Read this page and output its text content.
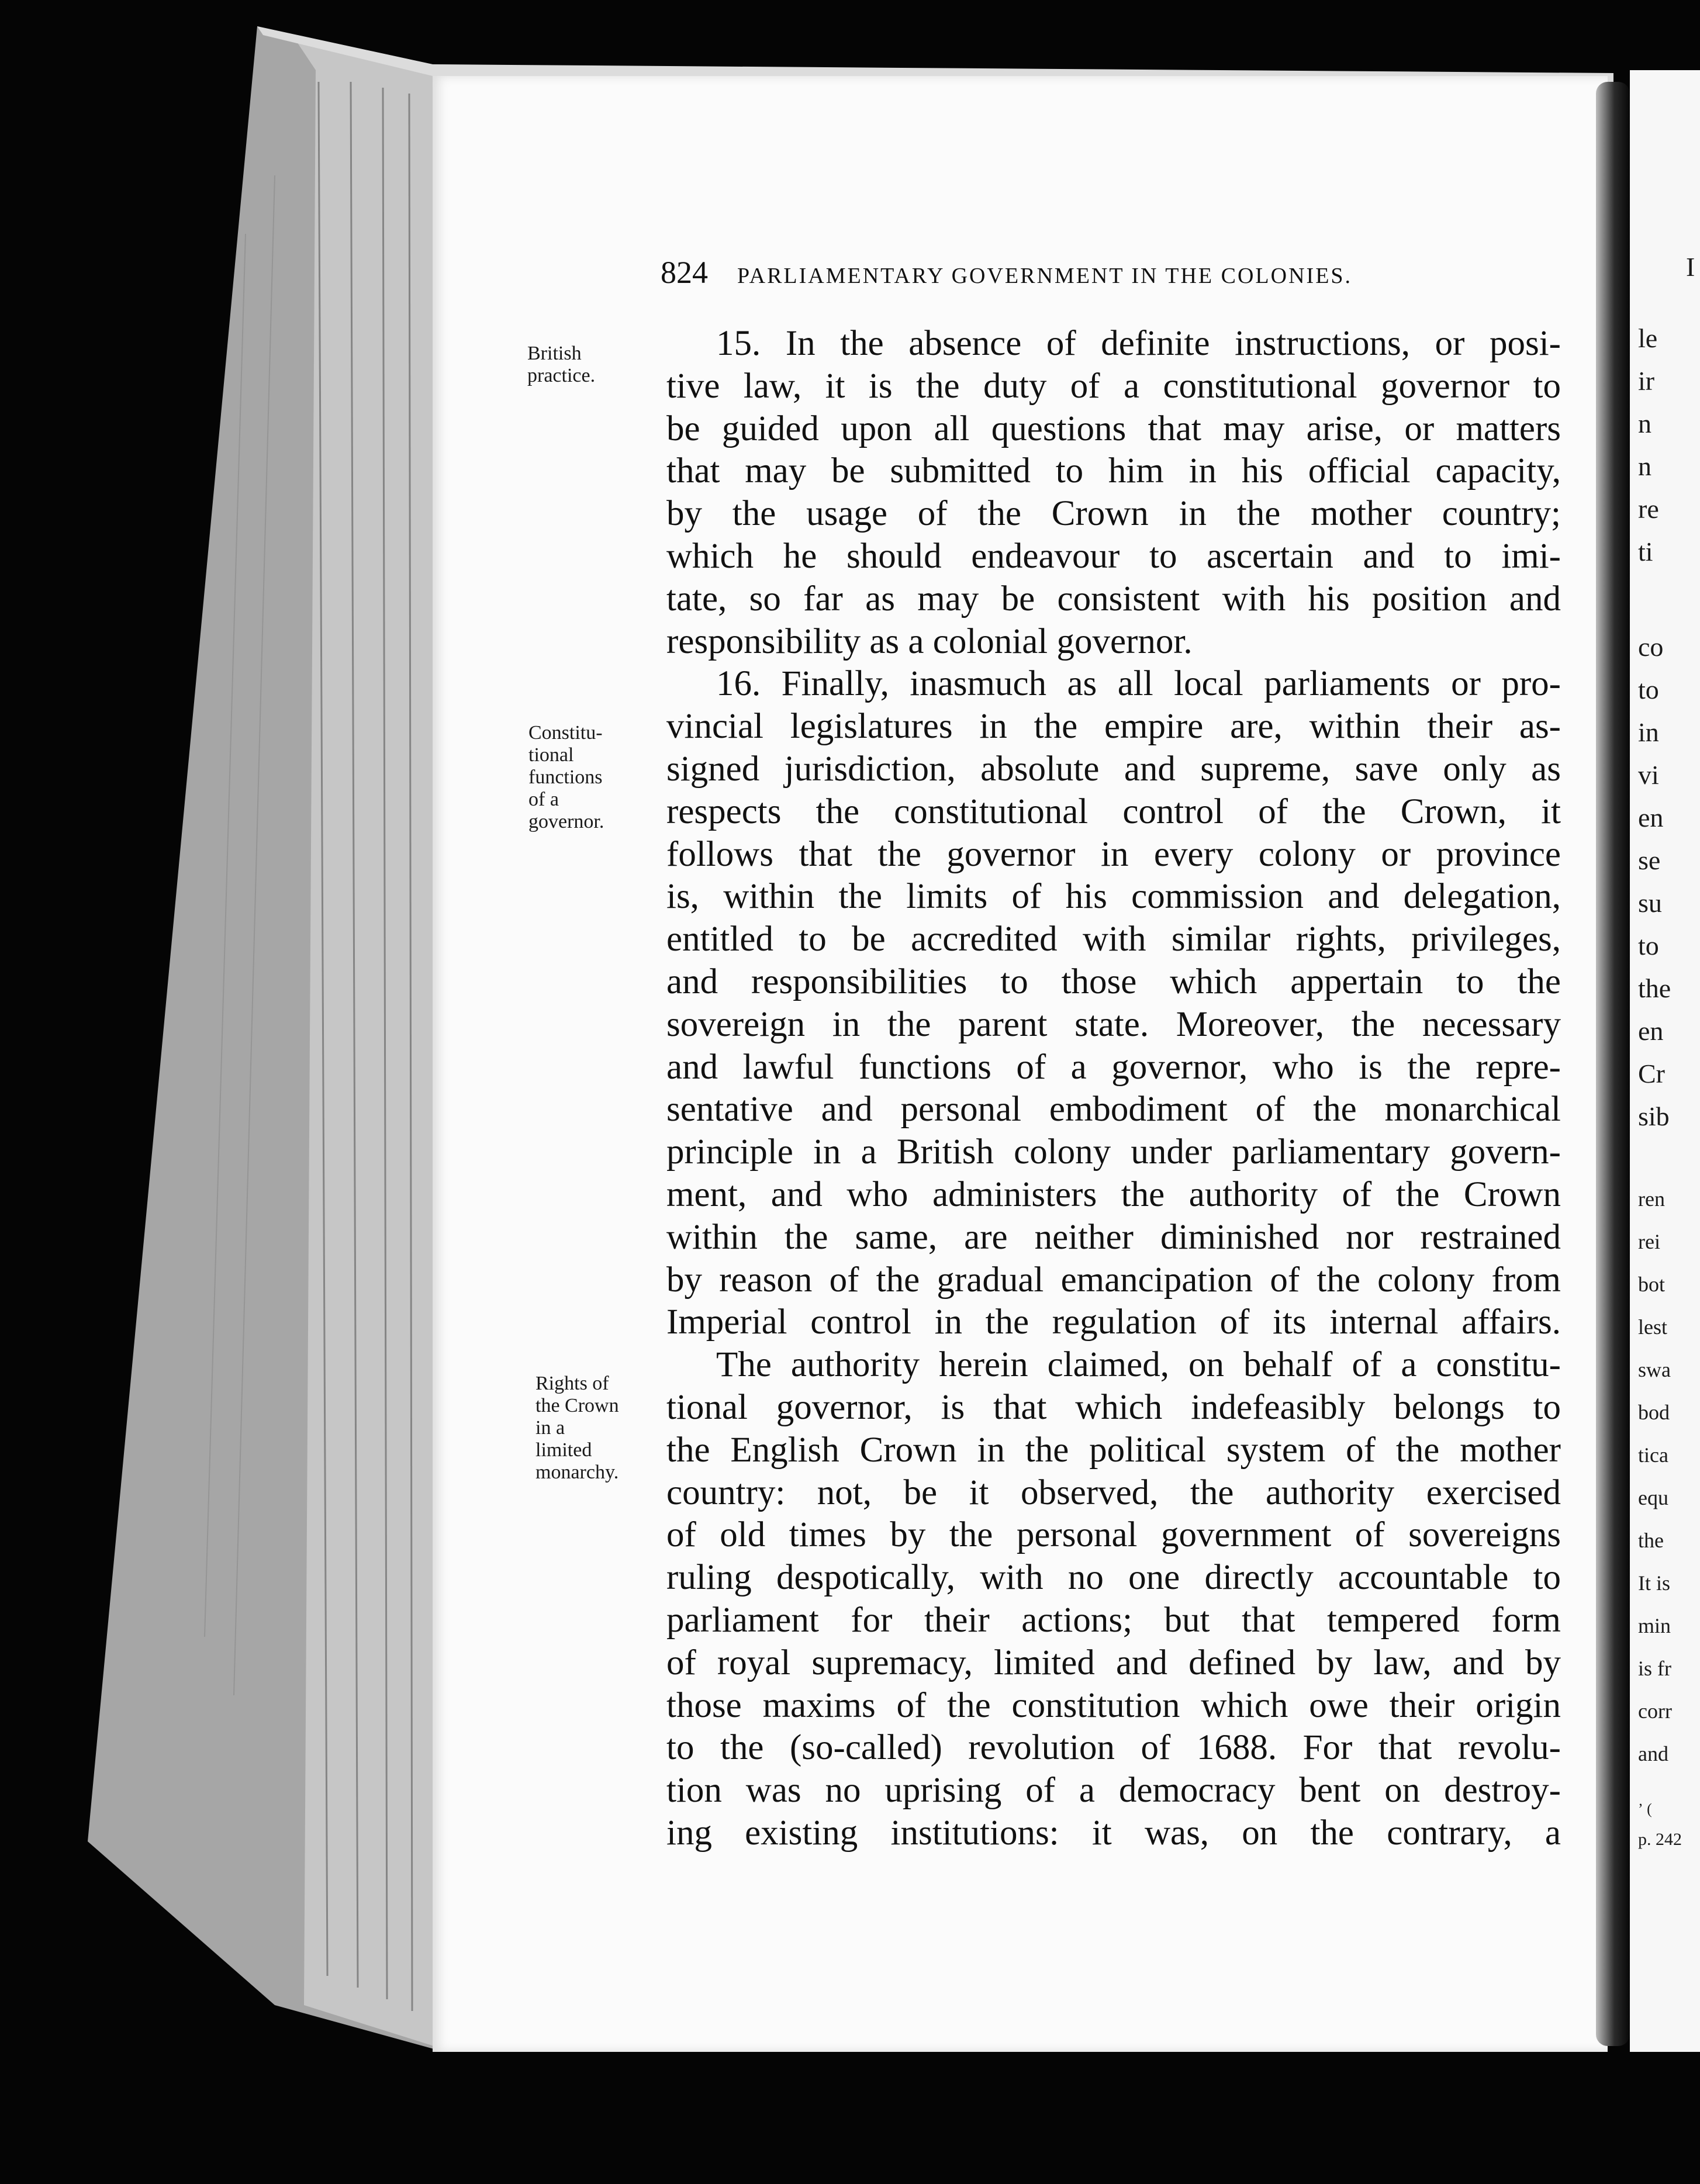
I
le
ir
n
n
re
ti
co
to
in
vi
en
se
su
to
the
en
Cr
sib
ren
rei
bot
lest
swa
bod
tica
equ
the
It is
min
is fr
corr
and
ʼ (
p. 242
824 PARLIAMENTARY GOVERNMENT IN THE COLONIES.
British
practice.
Constitu-
tional
functions
of a
governor.
Rights of
the Crown
in a
limited
monarchy.
15. In the absence of definite instructions, or posi-
tive law, it is the duty of a constitutional governor to
be guided upon all questions that may arise, or matters
that may be submitted to him in his official capacity,
by the usage of the Crown in the mother country;
which he should endeavour to ascertain and to imi-
tate, so far as may be consistent with his position and
responsibility as a colonial governor.
16. Finally, inasmuch as all local parliaments or pro-
vincial legislatures in the empire are, within their as-
signed jurisdiction, absolute and supreme, save only as
respects the constitutional control of the Crown, it
follows that the governor in every colony or province
is, within the limits of his commission and delegation,
entitled to be accredited with similar rights, privileges,
and responsibilities to those which appertain to the
sovereign in the parent state. Moreover, the necessary
and lawful functions of a governor, who is the repre-
sentative and personal embodiment of the monarchical
principle in a British colony under parliamentary govern-
ment, and who administers the authority of the Crown
within the same, are neither diminished nor restrained
by reason of the gradual emancipation of the colony from
Imperial control in the regulation of its internal affairs.
The authority herein claimed, on behalf of a constitu-
tional governor, is that which indefeasibly belongs to
the English Crown in the political system of the mother
country: not, be it observed, the authority exercised
of old times by the personal government of sovereigns
ruling despotically, with no one directly accountable to
parliament for their actions; but that tempered form
of royal supremacy, limited and defined by law, and by
those maxims of the constitution which owe their origin
to the (so-called) revolution of 1688. For that revolu-
tion was no uprising of a democracy bent on destroy-
ing existing institutions: it was, on the contrary, a
